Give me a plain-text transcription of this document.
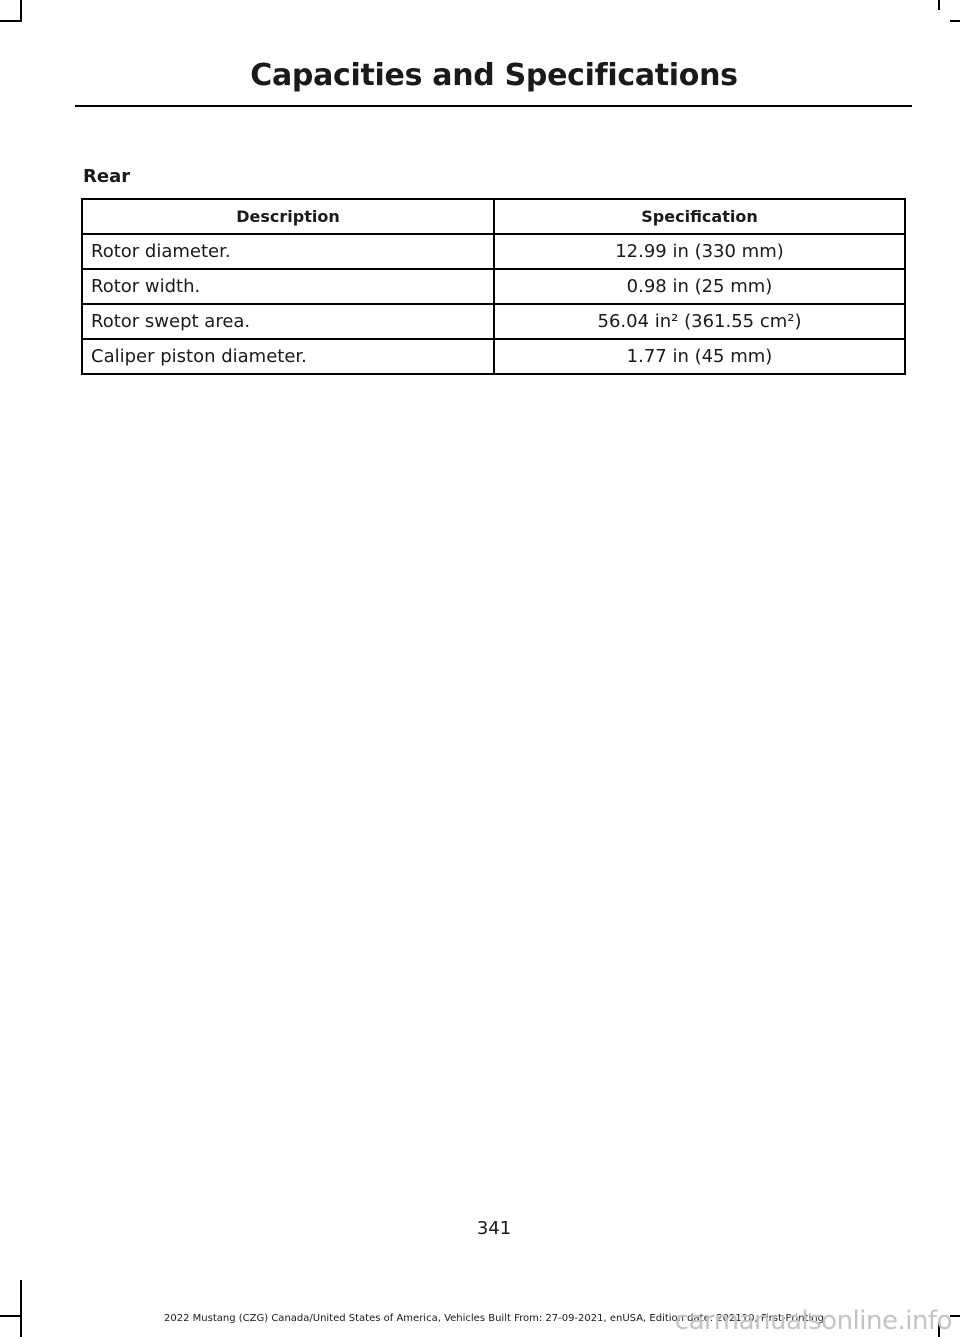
Capacities and Specifications
Rear
Description	Specification
Rotor diameter.	12.99 in (330 mm)
Rotor width.	0.98 in (25 mm)
Rotor swept area.	56.04 in² (361.55 cm²)
Caliper piston diameter.	1.77 in (45 mm)
341
2022 Mustang (CZG) Canada/United States of America, Vehicles Built From: 27-09-2021, enUSA, Edition date: 202110, First-Printing
carmanualsonline.info
